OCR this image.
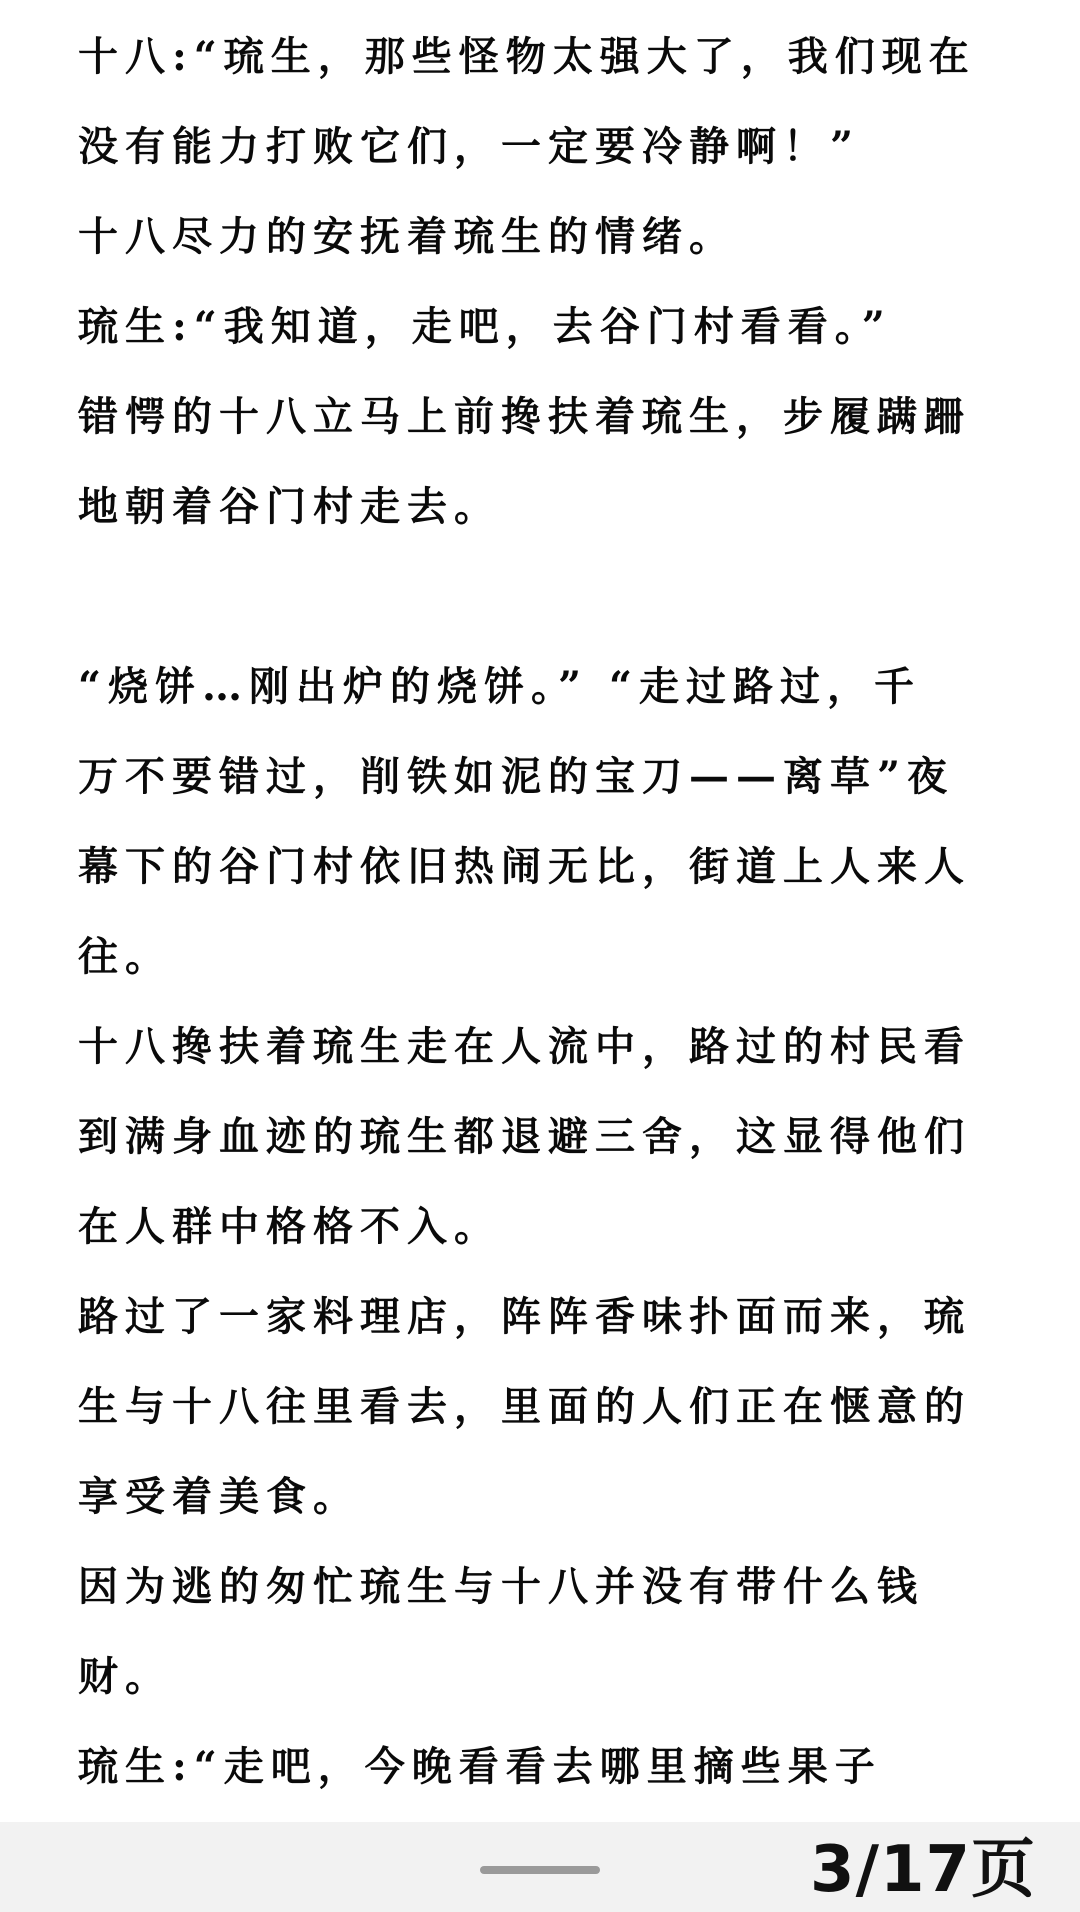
十八:“琉生，那些怪物太强大了，我们现在
没有能力打败它们，一定要冷静啊！”
十八尽力的安抚着琉生的情绪。
琉生:“我知道，走吧，去谷门村看看。”
错愕的十八立马上前搀扶着琉生，步履蹒跚
地朝着谷门村走去。
“烧饼…刚出炉的烧饼。” “走过路过，千
万不要错过，削铁如泥的宝刀——离草”夜
幕下的谷门村依旧热闹无比，街道上人来人
往。
十八搀扶着琉生走在人流中，路过的村民看
到满身血迹的琉生都退避三舍，这显得他们
在人群中格格不入。
路过了一家料理店，阵阵香味扑面而来，琉
生与十八往里看去，里面的人们正在惬意的
享受着美食。
因为逃的匆忙琉生与十八并没有带什么钱
财。
琉生:“走吧，今晚看看去哪里摘些果子
3/17页
